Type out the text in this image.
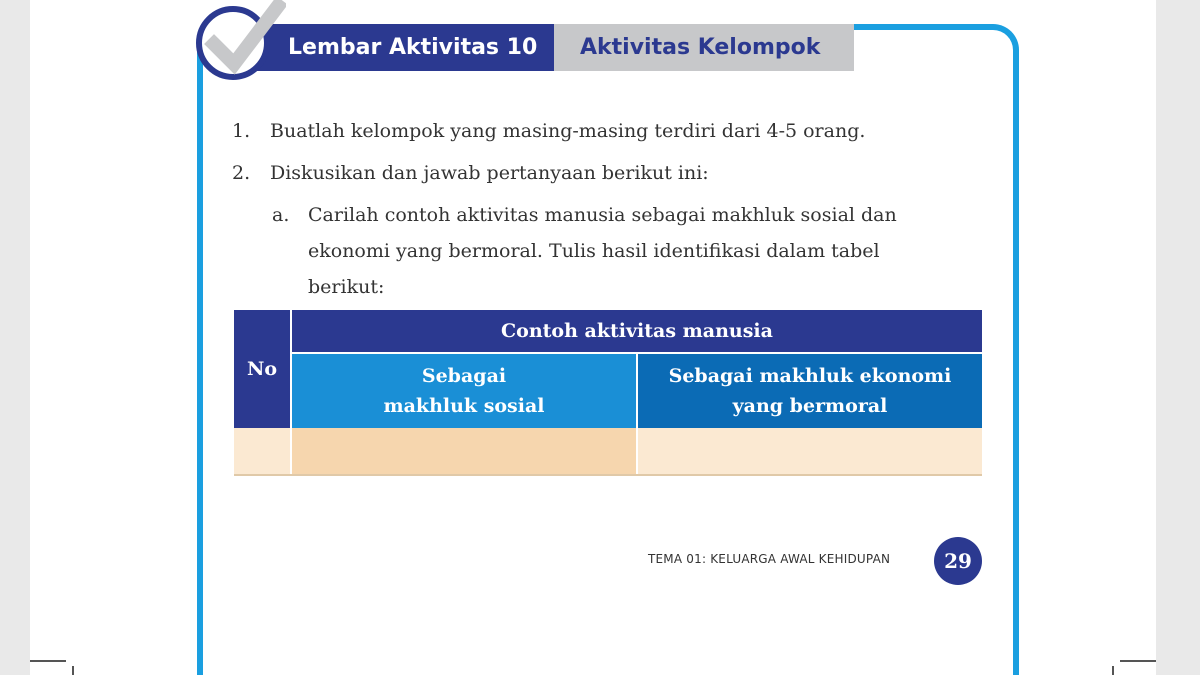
Lembar Aktivitas 10	Aktivitas Kelompok
1. Buatlah kelompok yang masing-masing terdiri dari 4-5 orang.
2. Diskusikan dan jawab pertanyaan berikut ini:
a. Carilah contoh aktivitas manusia sebagai makhluk sosial dan
ekonomi yang bermoral. Tulis hasil identifikasi dalam tabel
berikut:
No
Contoh aktivitas manusia
Sebagai
makhluk sosial
Sebagai makhluk ekonomi
yang bermoral
TEMA 01: KELUARGA AWAL KEHIDUPAN	29
